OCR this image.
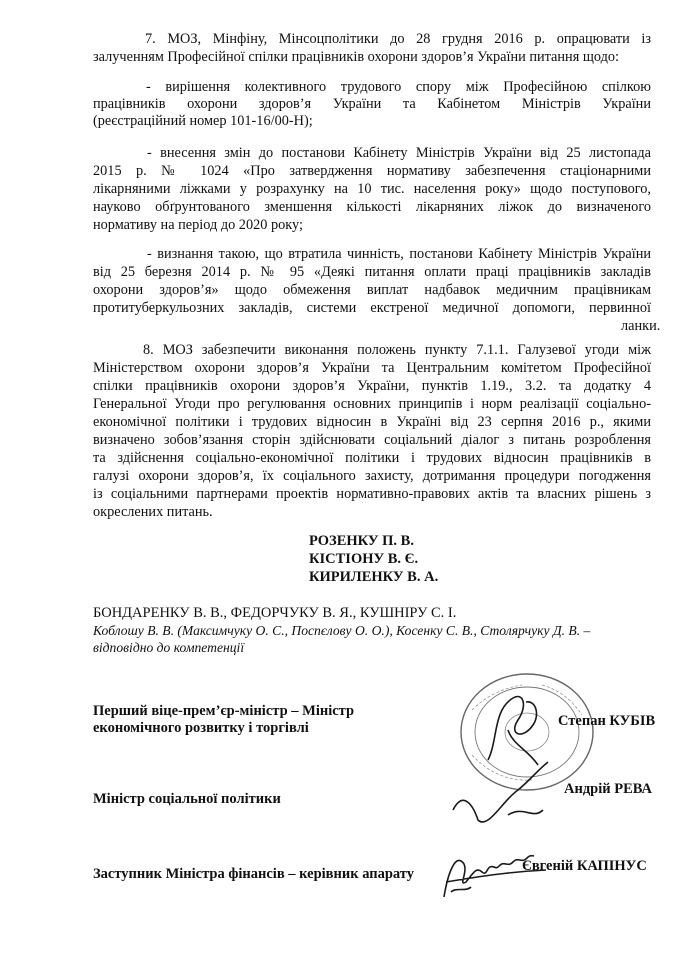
7. МОЗ, Мінфіну, Мінсоцполітики до 28 грудня 2016 р. опрацювати із
залученням Професійної спілки працівників охорони здоров’я України питання щодо:
- вирішення колективного трудового спору між Професійною спілкою
працівників охорони здоров’я України та Кабінетом Міністрів України
(реєстраційний номер 101-16/00-Н);
- внесення змін до постанови Кабінету Міністрів України від 25 листопада
2015 р. № 1024 «Про затвердження нормативу забезпечення стаціонарними
лікарняними ліжками у розрахунку на 10 тис. населення року» щодо поступового,
науково обґрунтованого зменшення кількості лікарняних ліжок до визначеного
нормативу на період до 2020 року;
- визнання такою, що втратила чинність, постанови Кабінету Міністрів України
від 25 березня 2014 р. № 95 «Деякі питання оплати праці працівників закладів
охорони здоров’я» щодо обмеження виплат надбавок медичним працівникам
протитуберкульозних закладів, системи екстреної медичної допомоги, первинної
ланки.
8. МОЗ забезпечити виконання положень пункту 7.1.1. Галузевої угоди між
Міністерством охорони здоров’я України та Центральним комітетом Професійної
спілки працівників охорони здоров’я України, пунктів 1.19., 3.2. та додатку 4
Генеральної Угоди про регулювання основних принципів і норм реалізації соціально-
економічної політики і трудових відносин в Україні від 23 серпня 2016 р., якими
визначено зобов’язання сторін здійснювати соціальний діалог з питань розроблення
та здійснення соціально-економічної політики і трудових відносин працівників в
галузі охорони здоров’я, їх соціального захисту, дотримання процедури погодження
із соціальними партнерами проектів нормативно-правових актів та власних рішень з
окреслених питань.
РОЗЕНКУ П. В.
КІСТІОНУ В. Є.
КИРИЛЕНКУ В. А.
БОНДАРЕНКУ В. В., ФЕДОРЧУКУ В. Я., КУШНІРУ С. І.
Коблошу В. В. (Максимчуку О. С., Поспєлову О. О.), Косенку С. В., Столярчуку Д. В. –
відповідно до компетенції
Перший віце-прем’єр-міністр – Міністр
економічного розвитку і торгівлі	Степан КУБІВ
Міністр соціальної політики
Андрій РЕВА
Заступник Міністра фінансів – керівник апарату	Євгеній КАПІНУС
